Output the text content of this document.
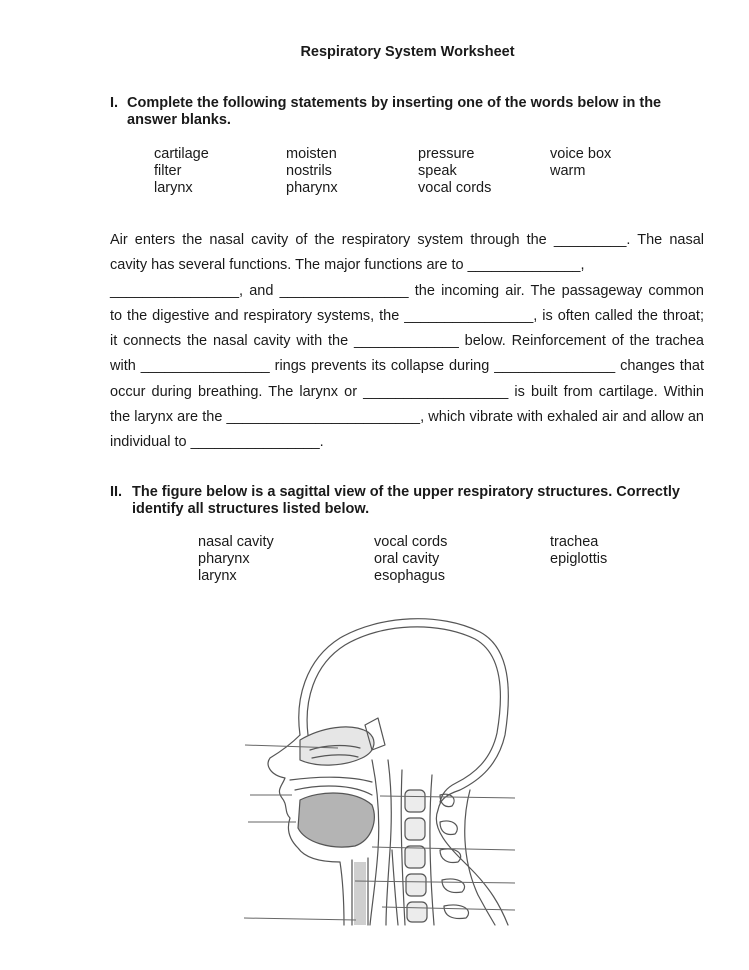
Respiratory System Worksheet
I. Complete the following statements by inserting one of the words below in the
answer blanks.
cartilage
filter
larynx
moisten
nostrils
pharynx
pressure
speak
vocal cords
voice box
warm
Air enters the nasal cavity of the respiratory system through the _________. The nasal
cavity has several functions. The major functions are to ______________,
________________, and ________________ the incoming air. The passageway common
to the digestive and respiratory systems, the ________________, is often called the throat;
it connects the nasal cavity with the _____________ below. Reinforcement of the trachea
with ________________ rings prevents its collapse during _______________ changes that
occur during breathing. The larynx or __________________ is built from cartilage. Within
the larynx are the ________________________, which vibrate with exhaled air and allow an
individual to ________________.
II. The figure below is a sagittal view of the upper respiratory structures. Correctly
identify all structures listed below.
nasal cavity
pharynx
larynx
vocal cords
oral cavity
esophagus
trachea
epiglottis
